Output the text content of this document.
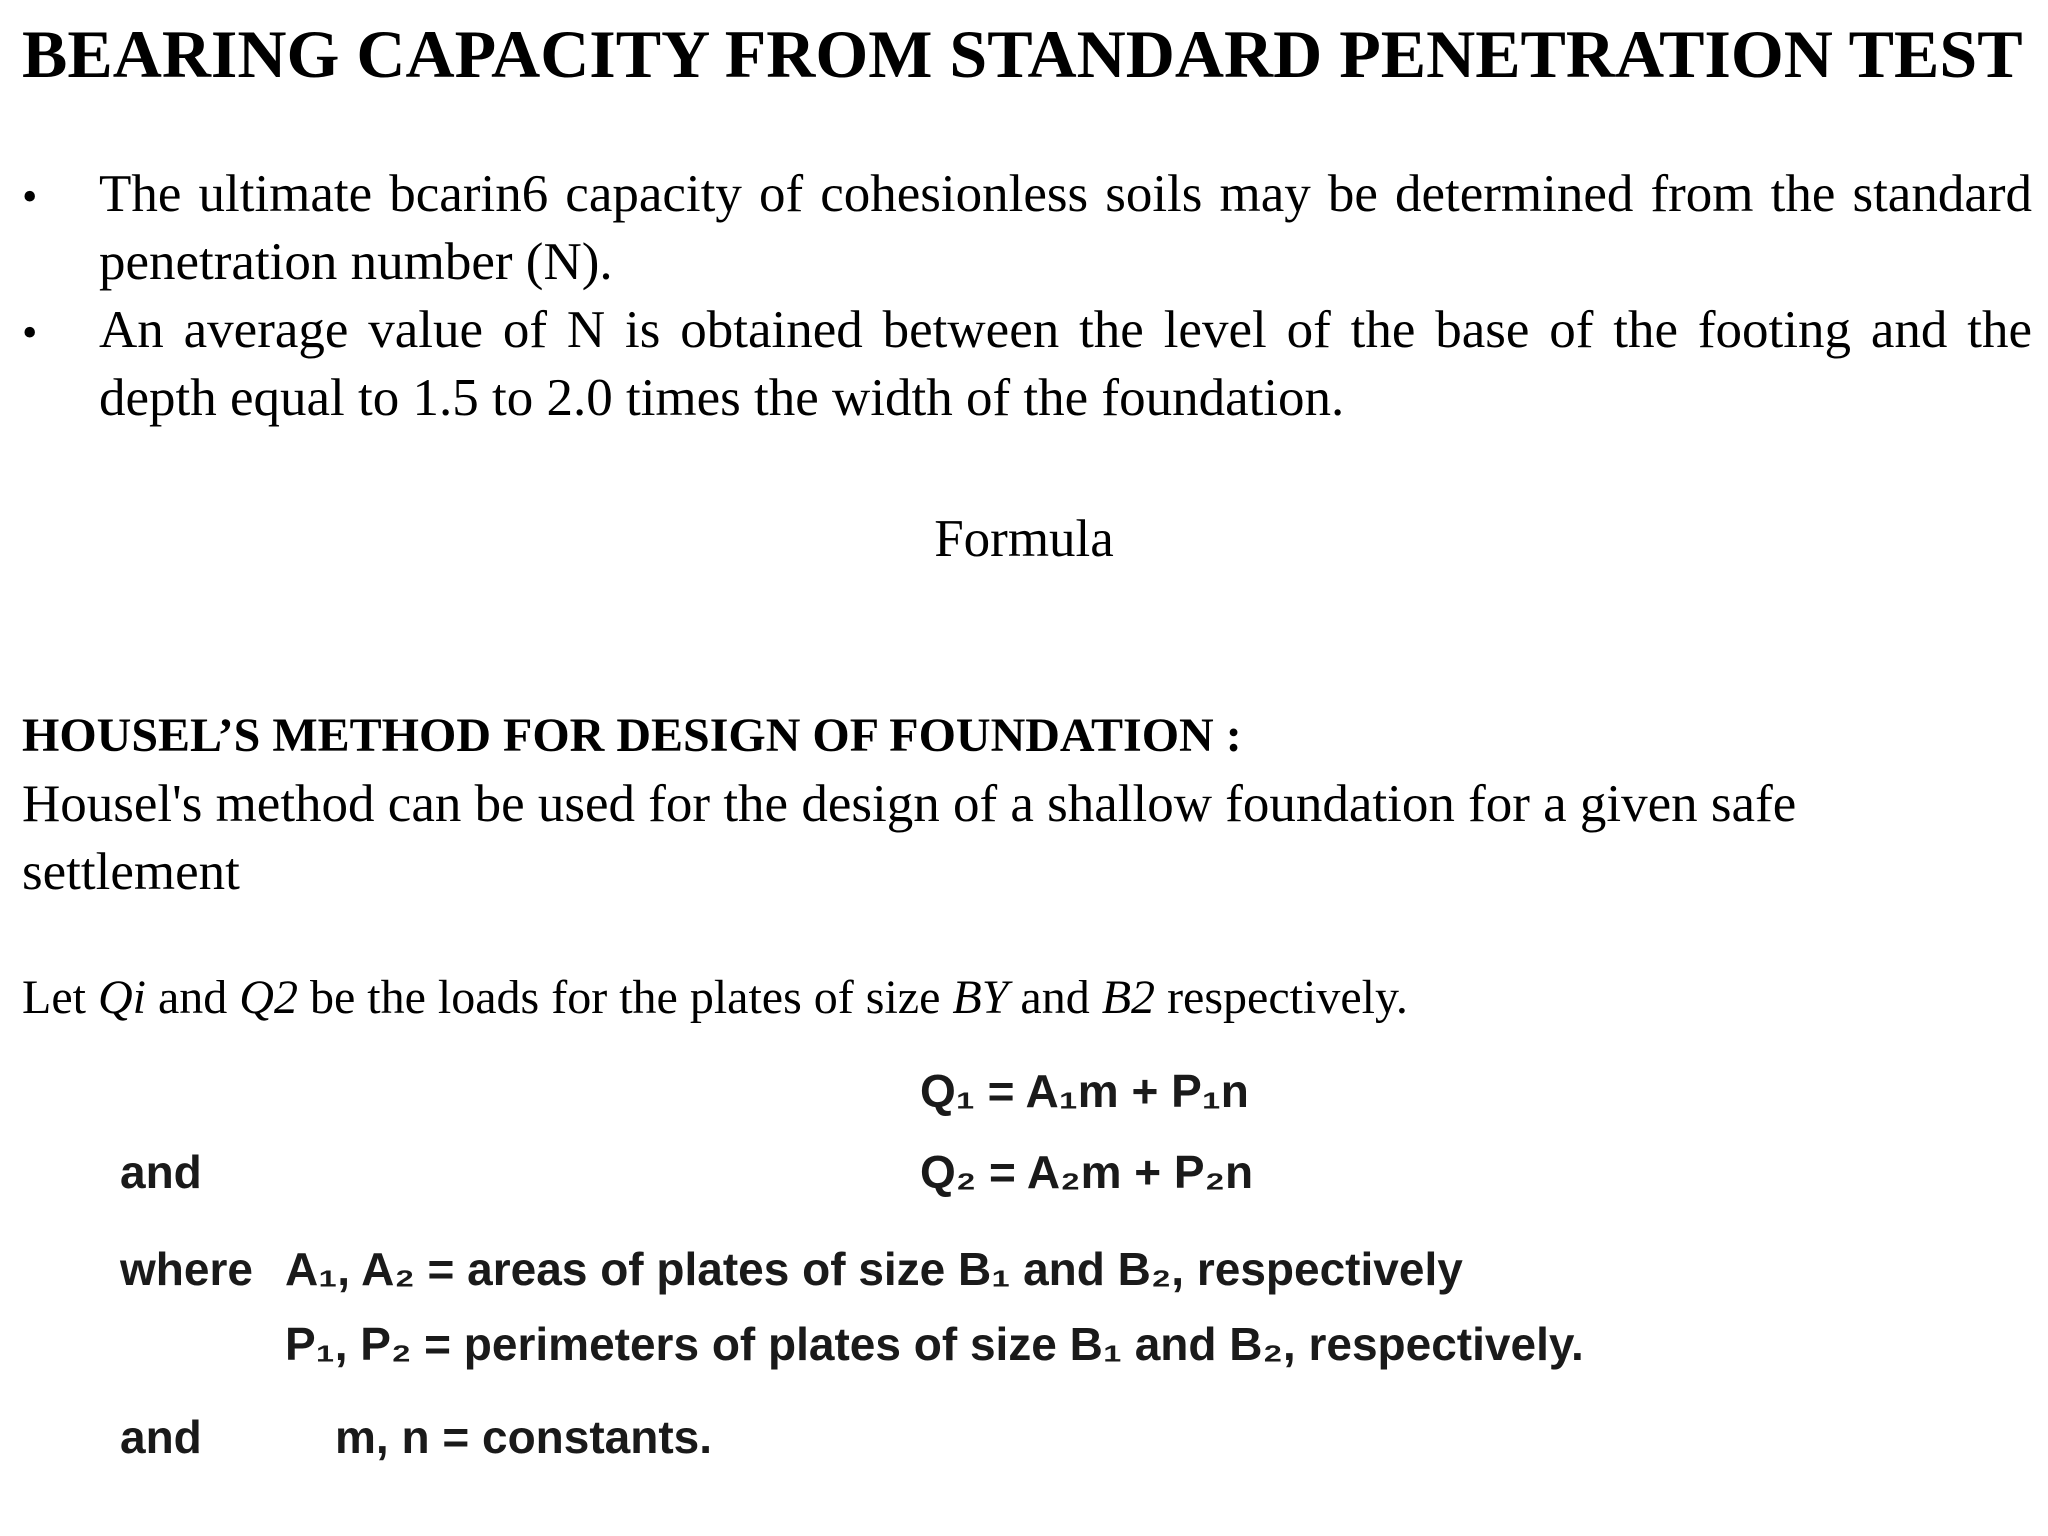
BEARING CAPACITY FROM STANDARD PENETRATION TEST
•	The ultimate bcarin6 capacity of cohesionless soils may be determined from the standard penetration number (N).
•	An average value of N is obtained between the level of the base of the footing and the depth equal to 1.5 to 2.0 times the width of the foundation.
Formula
HOUSEL’S METHOD FOR DESIGN OF FOUNDATION :

Housel's method can be used for the design of a shallow foundation for a given safe settlement

Let Qi and Q2 be the loads for the plates of size BY and B2 respectively.

Q₁ = A₁m + P₁n
and	Q₂ = A₂m + P₂n
where A₁, A₂ = areas of plates of size B₁ and B₂, respectively
P₁, P₂ = perimeters of plates of size B₁ and B₂, respectively.
and	m, n = constants.
